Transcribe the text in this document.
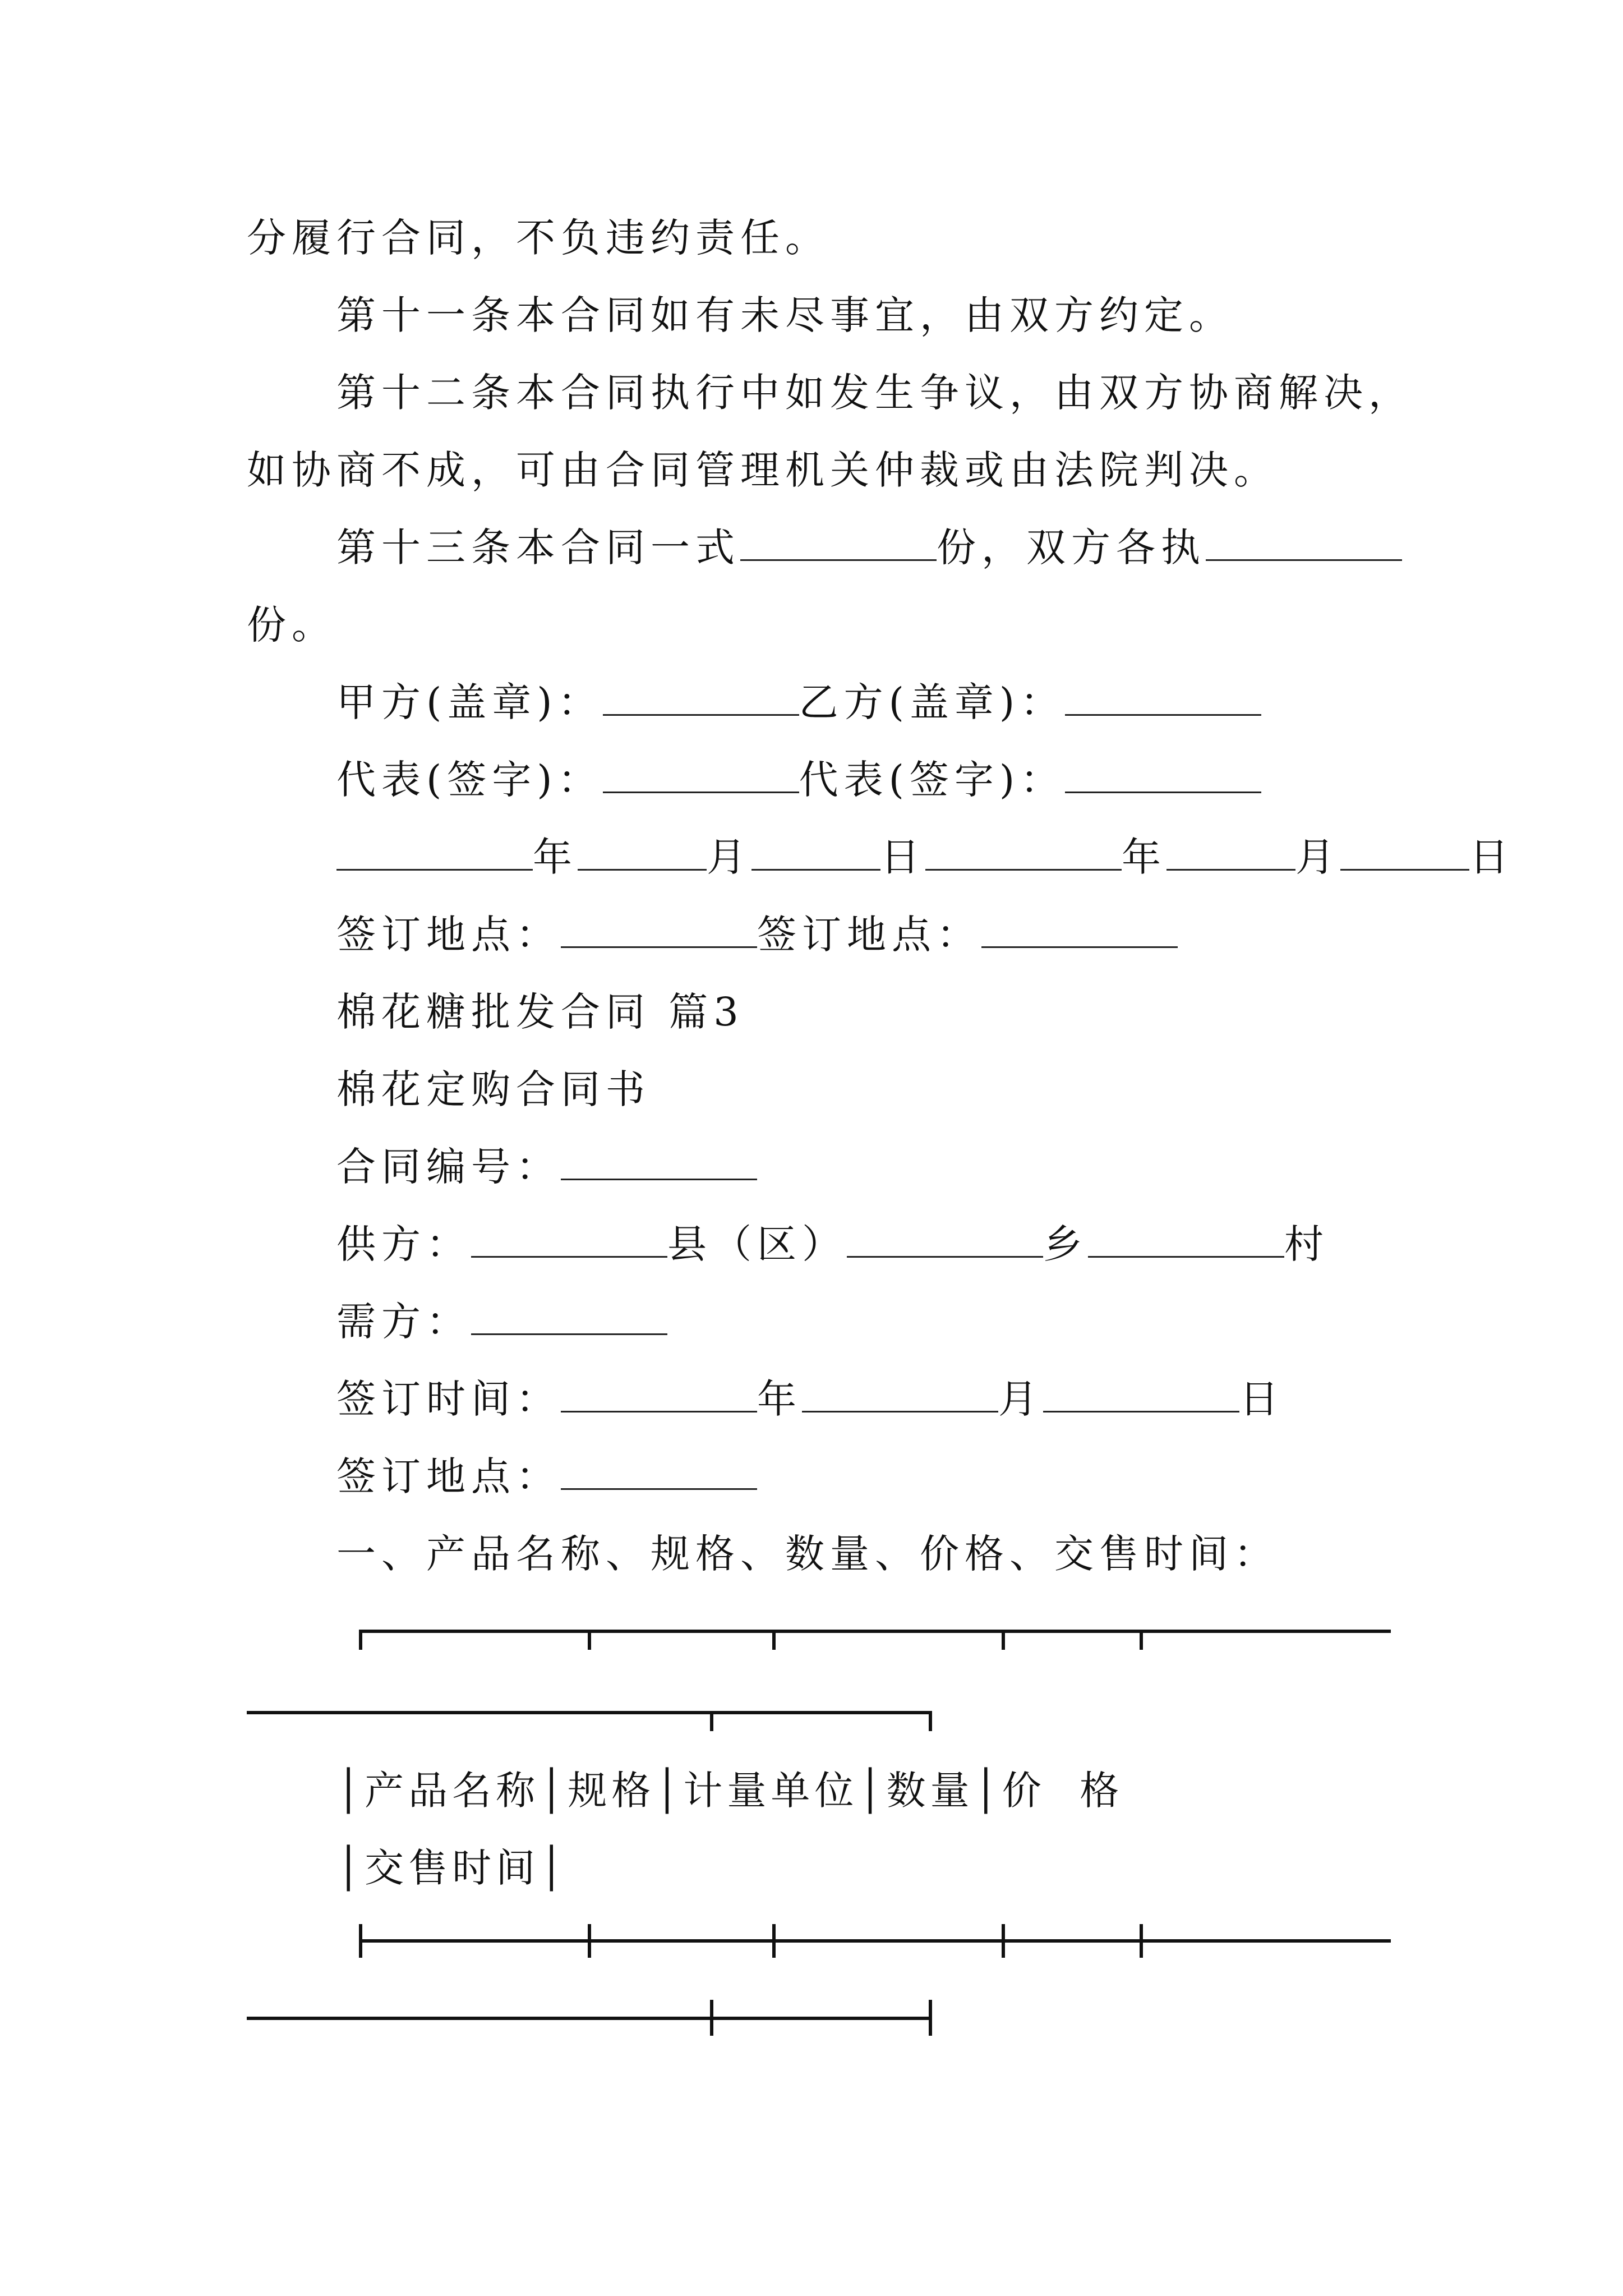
分履行合同，不负违约责任。
第十一条本合同如有未尽事宜，由双方约定。
第十二条本合同执行中如发生争议，由双方协商解决，
如协商不成，可由合同管理机关仲裁或由法院判决。
第十三条本合同一式	份，双方各执
份。
甲方(盖章)：	乙方(盖章)：
代表(签字)：	代表(签字)：
年	月	日	年	月	日
签订地点：	签订地点：
棉花糖批发合同 篇3
棉花定购合同书
合同编号：
供方：	县（区）	乡	村
需方：
签订时间：	年	月	日
签订地点：
一、产品名称、规格、数量、价格、交售时间：
│产品名称│规格│计量单位│数量│价  格
│交售时间│
